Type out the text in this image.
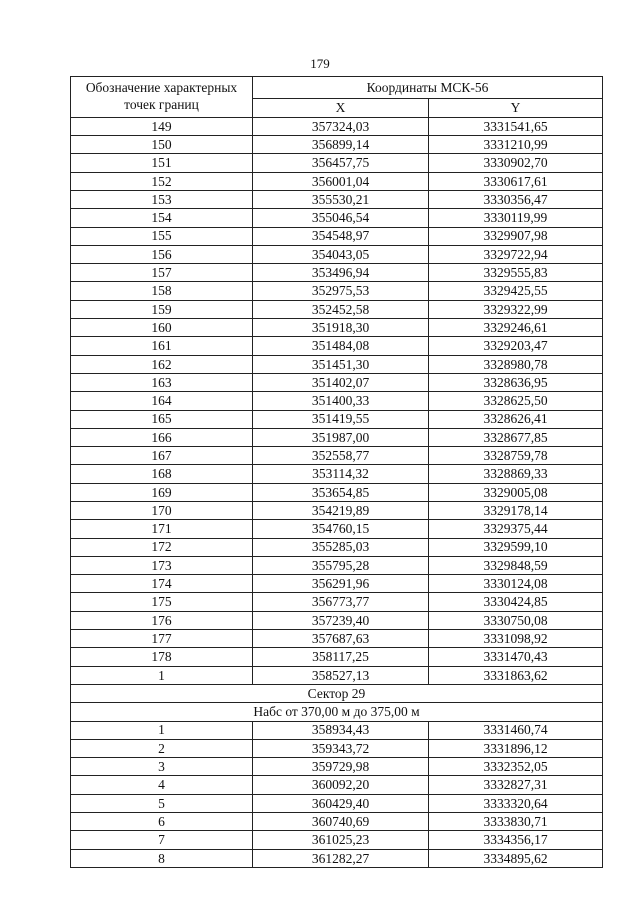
179
Обозначение характерных точек границ	Координаты МСК-56	
	X	Y
149	357324,03	3331541,65
150	356899,14	3331210,99
151	356457,75	3330902,70
152	356001,04	3330617,61
153	355530,21	3330356,47
154	355046,54	3330119,99
155	354548,97	3329907,98
156	354043,05	3329722,94
157	353496,94	3329555,83
158	352975,53	3329425,55
159	352452,58	3329322,99
160	351918,30	3329246,61
161	351484,08	3329203,47
162	351451,30	3328980,78
163	351402,07	3328636,95
164	351400,33	3328625,50
165	351419,55	3328626,41
166	351987,00	3328677,85
167	352558,77	3328759,78
168	353114,32	3328869,33
169	353654,85	3329005,08
170	354219,89	3329178,14
171	354760,15	3329375,44
172	355285,03	3329599,10
173	355795,28	3329848,59
174	356291,96	3330124,08
175	356773,77	3330424,85
176	357239,40	3330750,08
177	357687,63	3331098,92
178	358117,25	3331470,43
1	358527,13	3331863,62
Сектор 29		
Набс от 370,00 м до 375,00 м		
1	358934,43	3331460,74
2	359343,72	3331896,12
3	359729,98	3332352,05
4	360092,20	3332827,31
5	360429,40	3333320,64
6	360740,69	3333830,71
7	361025,23	3334356,17
8	361282,27	3334895,62
